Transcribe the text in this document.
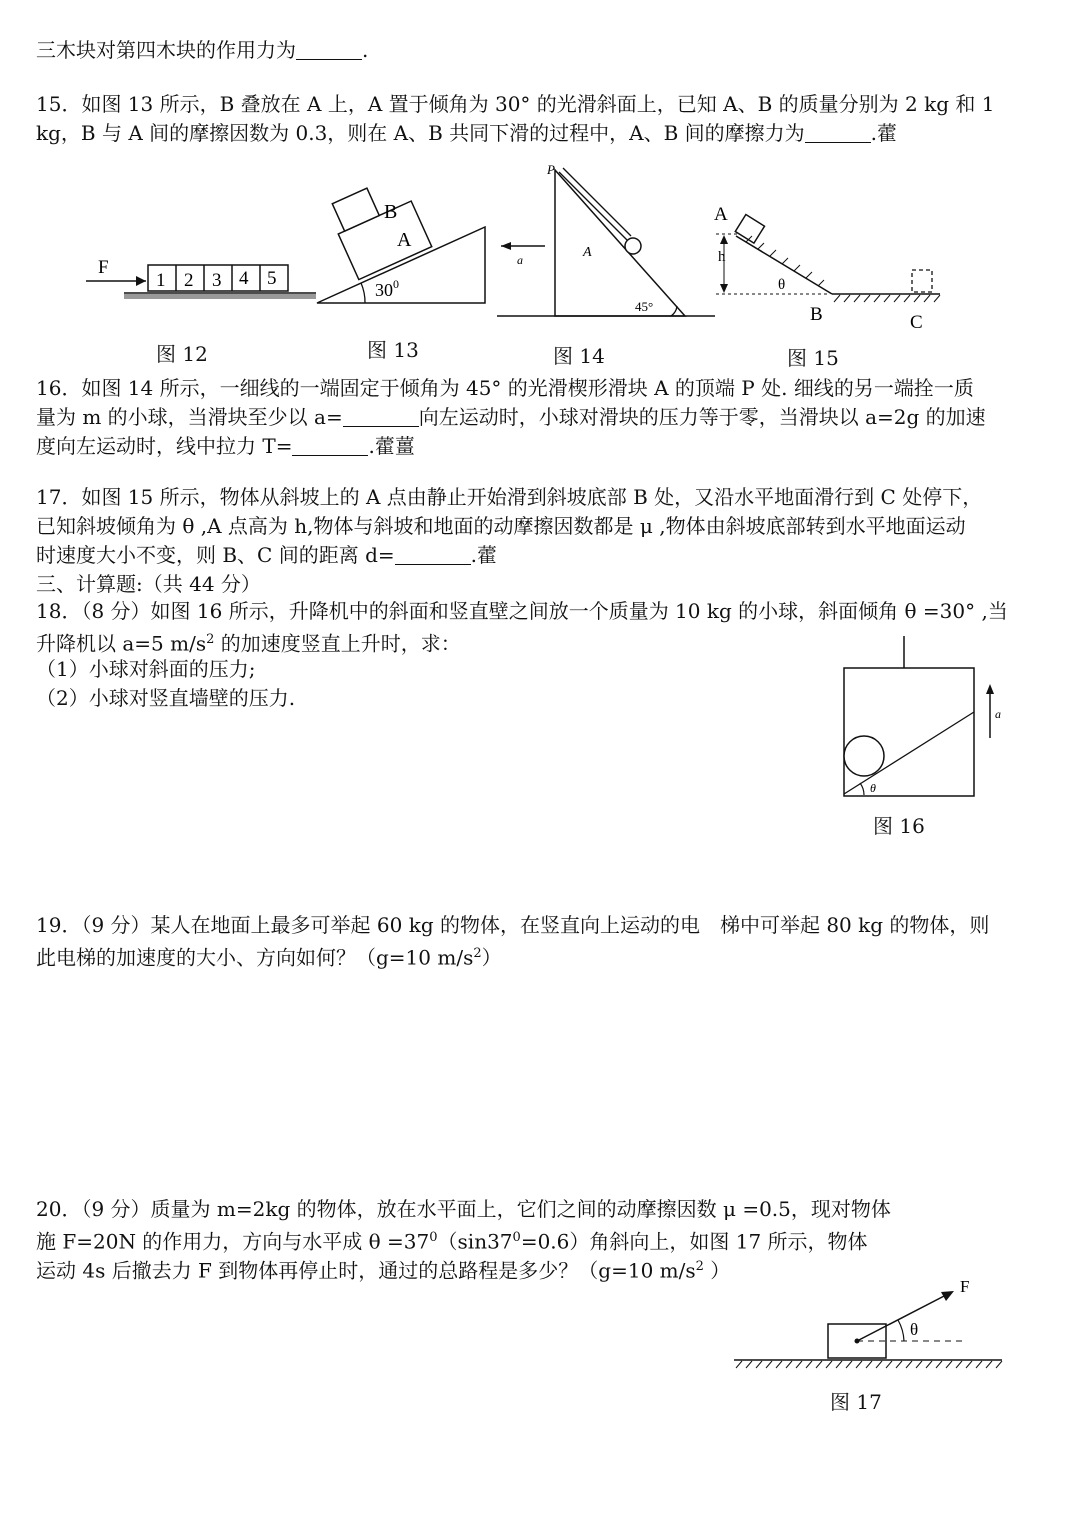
三木块对第四木块的作用力为	.
15．如图 13 所示，B 叠放在 A 上，A 置于倾角为 30° 的光滑斜面上，已知 A、B 的质量分别为 2 kg 和 1
kg，B 与 A 间的摩擦因数为 0.3，则在 A、B 共同下滑的过程中，A、B 间的摩擦力为	.藿
F
1 2 3 4 5
图 12
B
A
$30^0$
图 13
P
A
a
45°
图 14
A
h
θ
B	C
图 15
16．如图 14 所示，一细线的一端固定于倾角为 45° 的光滑楔形滑块 A 的顶端 P 处. 细线的另一端拴一质
量为 m 的小球，当滑块至少以 a=	向左运动时，小球对滑块的压力等于零，当滑块以 a=2g 的加速
度向左运动时，线中拉力 T=	.藿薑
17．如图 15 所示，物体从斜坡上的 A 点由静止开始滑到斜坡底部 B 处，又沿水平地面滑行到 C 处停下，
已知斜坡倾角为 θ ,A 点高为 h,物体与斜坡和地面的动摩擦因数都是 μ ,物体由斜坡底部转到水平地面运动
时速度大小不变，则 B、C 间的距离 d=	.藿
三、计算题:（共 44 分）
18．（8 分）如图 16 所示，升降机中的斜面和竖直壁之间放一个质量为 10 kg 的小球，斜面倾角 θ =30° ,当
升降机以 a=5 $m/s^2$ 的加速度竖直上升时，求：
（1）小球对斜面的压力;
（2）小球对竖直墙壁的压力.
θ
a
图 16
19．（9 分）某人在地面上最多可举起 60 kg 的物体，在竖直向上运动的电　梯中可举起 80 kg 的物体，则
此电梯的加速度的大小、方向如何？（g=10 $m/s^2$）
20．（9 分）质量为 m=2kg 的物体，放在水平面上，它们之间的动摩擦因数 μ =0.5，现对物体
施 F=20N 的作用力，方向与水平成 $\theta =37^0(\sin 37^0=0.6)$角斜向上，如图 17 所示，物体
运动 4s 后撤去力 F 到物体再停止时，通过的总路程是多少？（g=10 $m/s^2$ ）
F
θ
图 17
